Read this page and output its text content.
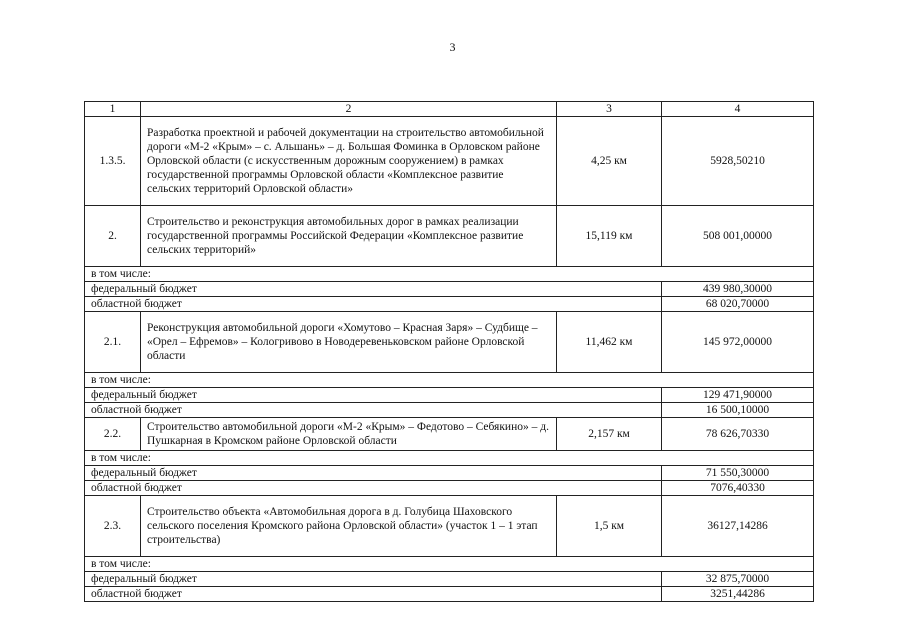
3
1	2	3	4
1.3.5.	Разработка проектной и рабочей документации на строительство автомобильной дороги «М-2 «Крым» – с. Альшань» – д. Большая Фоминка в Орловском районе Орловской области (с искусственным дорожным сооружением) в рамках государственной программы Орловской области «Комплексное развитие сельских территорий Орловской области»	4,25 км	5928,50210
2.	Строительство и реконструкция автомобильных дорог в рамках реализации государственной программы Российской Федерации «Комплексное развитие сельских территорий»	15,119 км	508 001,00000
в том числе:			
федеральный бюджет			439 980,30000
областной бюджет			68 020,70000
2.1.	Реконструкция автомобильной дороги «Хомутово – Красная Заря» – Судбище – «Орел – Ефремов» – Кологривово в Новодеревеньковском районе Орловской области	11,462 км	145 972,00000
в том числе:			
федеральный бюджет			129 471,90000
областной бюджет			16 500,10000
2.2.	Строительство автомобильной дороги «М-2 «Крым» – Федотово – Себякино» – д. Пушкарная в Кромском районе Орловской области	2,157 км	78 626,70330
в том числе:			
федеральный бюджет			71 550,30000
областной бюджет			7076,40330
2.3.	Строительство объекта «Автомобильная дорога в д. Голубица Шаховского сельского поселения Кромского района Орловской области» (участок 1 – 1 этап строительства)	1,5 км	36127,14286
в том числе:			
федеральный бюджет			32 875,70000
областной бюджет			3251,44286
